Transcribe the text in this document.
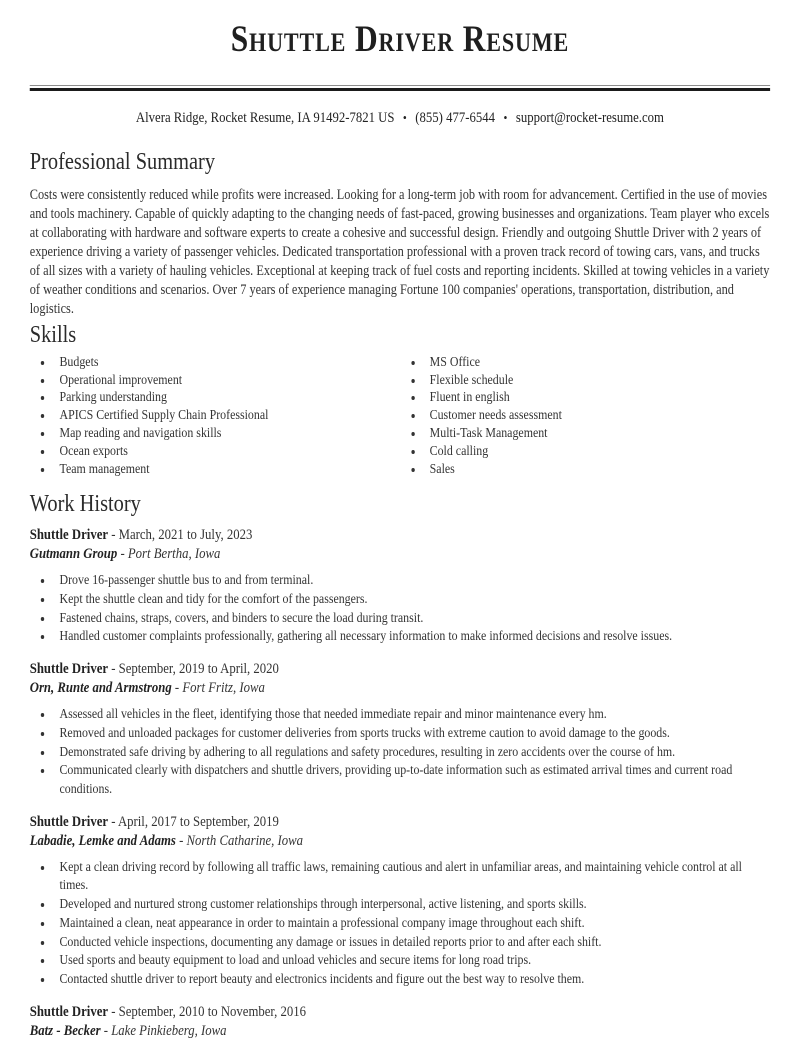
Shuttle Driver Resume
Alvera Ridge, Rocket Resume, IA 91492-7821 US • (855) 477-6544 • support@rocket-resume.com
Professional Summary

Costs were consistently reduced while profits were increased. Looking for a long-term job with room for advancement. Certified in the use of movies and tools machinery. Capable of quickly adapting to the changing needs of fast-paced, growing businesses and organizations. Team player who excels at collaborating with hardware and software experts to create a cohesive and successful design. Friendly and outgoing Shuttle Driver with 2 years of experience driving a variety of passenger vehicles. Dedicated transportation professional with a proven track record of towing cars, vans, and trucks of all sizes with a variety of hauling vehicles. Exceptional at keeping track of fuel costs and reporting incidents. Skilled at towing vehicles in a variety of weather conditions and scenarios. Over 7 years of experience managing Fortune 100 companies' operations, transportation, distribution, and logistics.

Skills
• Budgets
• Operational improvement
• Parking understanding
• APICS Certified Supply Chain Professional
• Map reading and navigation skills
• Ocean exports
• Team management
• MS Office
• Flexible schedule
• Fluent in english
• Customer needs assessment
• Multi-Task Management
• Cold calling
• Sales
Work History
Shuttle Driver - March, 2021 to July, 2023
Gutmann Group - Port Bertha, Iowa
• Drove 16-passenger shuttle bus to and from terminal.
• Kept the shuttle clean and tidy for the comfort of the passengers.
• Fastened chains, straps, covers, and binders to secure the load during transit.
• Handled customer complaints professionally, gathering all necessary information to make informed decisions and resolve issues.
Shuttle Driver - September, 2019 to April, 2020
Orn, Runte and Armstrong - Fort Fritz, Iowa
• Assessed all vehicles in the fleet, identifying those that needed immediate repair and minor maintenance every hm.
• Removed and unloaded packages for customer deliveries from sports trucks with extreme caution to avoid damage to the goods.
• Demonstrated safe driving by adhering to all regulations and safety procedures, resulting in zero accidents over the course of hm.
• Communicated clearly with dispatchers and shuttle drivers, providing up-to-date information such as estimated arrival times and current road conditions.
Shuttle Driver - April, 2017 to September, 2019
Labadie, Lemke and Adams - North Catharine, Iowa
• Kept a clean driving record by following all traffic laws, remaining cautious and alert in unfamiliar areas, and maintaining vehicle control at all times.
• Developed and nurtured strong customer relationships through interpersonal, active listening, and sports skills.
• Maintained a clean, neat appearance in order to maintain a professional company image throughout each shift.
• Conducted vehicle inspections, documenting any damage or issues in detailed reports prior to and after each shift.
• Used sports and beauty equipment to load and unload vehicles and secure items for long road trips.
• Contacted shuttle driver to report beauty and electronics incidents and figure out the best way to resolve them.
Shuttle Driver - September, 2010 to November, 2016
Batz - Becker - Lake Pinkieberg, Iowa
